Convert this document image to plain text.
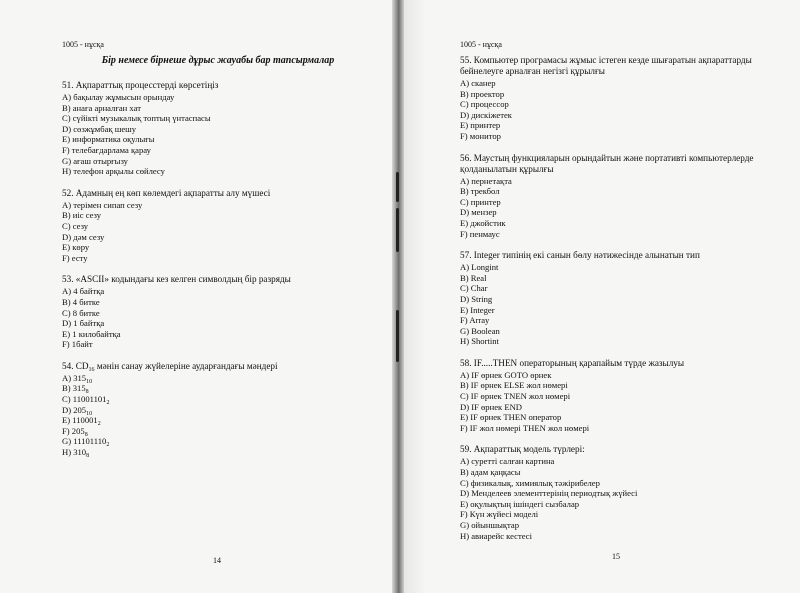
1005 - нұсқа
Бір немесе бірнеше дұрыс жауабы бар тапсырмалар
51. Ақпараттық процесстерді көрсетіңіз
A) бақылау жұмысын орындау
B) анаға арналған хат
C) сүйікті музыкалық топтың үнтаспасы
D) сөзжұмбақ шешу
E) информатика оқулығы
F) телебағдарлама қарау
G) ағаш отырғызу
H) телефон арқылы сөйлесу
52. Адамның ең көп көлемдегі ақпаратты алу мүшесі
A) терімен сипап сезу
B) иіс сезу
C) сезу
D) дәм сезу
E) көру
F) есту
53. «ASCII» кодындағы кез келген символдың бір разряды
A) 4 байтқа
B) 4 битке
C) 8 битке
D) 1 байтқа
E) 1 килобайтқа
F) 1байт
54. $CD_{16}$ мәнін санау жүйелеріне аударғандағы мәндері
A) $315_{10}$
B) $315_8$
C) $11001101_2$
D) $205_{10}$
E) $110001_2$
F) $205_8$
G) $11101110_2$
H) $310_8$
14
1005 - нұсқа
55. Компьютер програмасы жұмыс істеген кезде шығаратын ақпараттарды бейнелеуге арналған негізгі құрылғы
A) сканер
B) проектор
C) процессор
D) дискіжетек
E) принтер
F) монитор
56. Маустың функцияларын орындайтын және портативті компьютерлерде қолданылатын құрылғы
A) пернетақта
B) трекбол
C) принтер
D) мензер
E) джойстик
F) пенмаус
57. Integer типінің екі санын бөлу нәтижесінде алынатын тип
A) Longint
B) Real
C) Char
D) String
E) Integer
F) Array
G) Boolean
H) Shortint
58. IF.....THEN операторының қарапайым түрде жазылуы
A) IF өрнек GOTO өрнек
B) IF өрнек ELSE жол нөмері
C) IF өрнек TNEN жол нөмері
D) IF өрнек END
E) IF өрнек THEN оператор
F) IF жол нөмері THEN жол нөмері
59. Ақпараттық модель түрлері:
A) суреттi салған картина
B) адам қаңқасы
C) физикалық, химиялық тәжірибелер
D) Менделеев элементтерінің периодтық жүйесі
E) оқулықтың ішіндегі сызбалар
F) Күн жүйесі моделі
G) ойыншықтар
H) авиарейс кестесі
15
